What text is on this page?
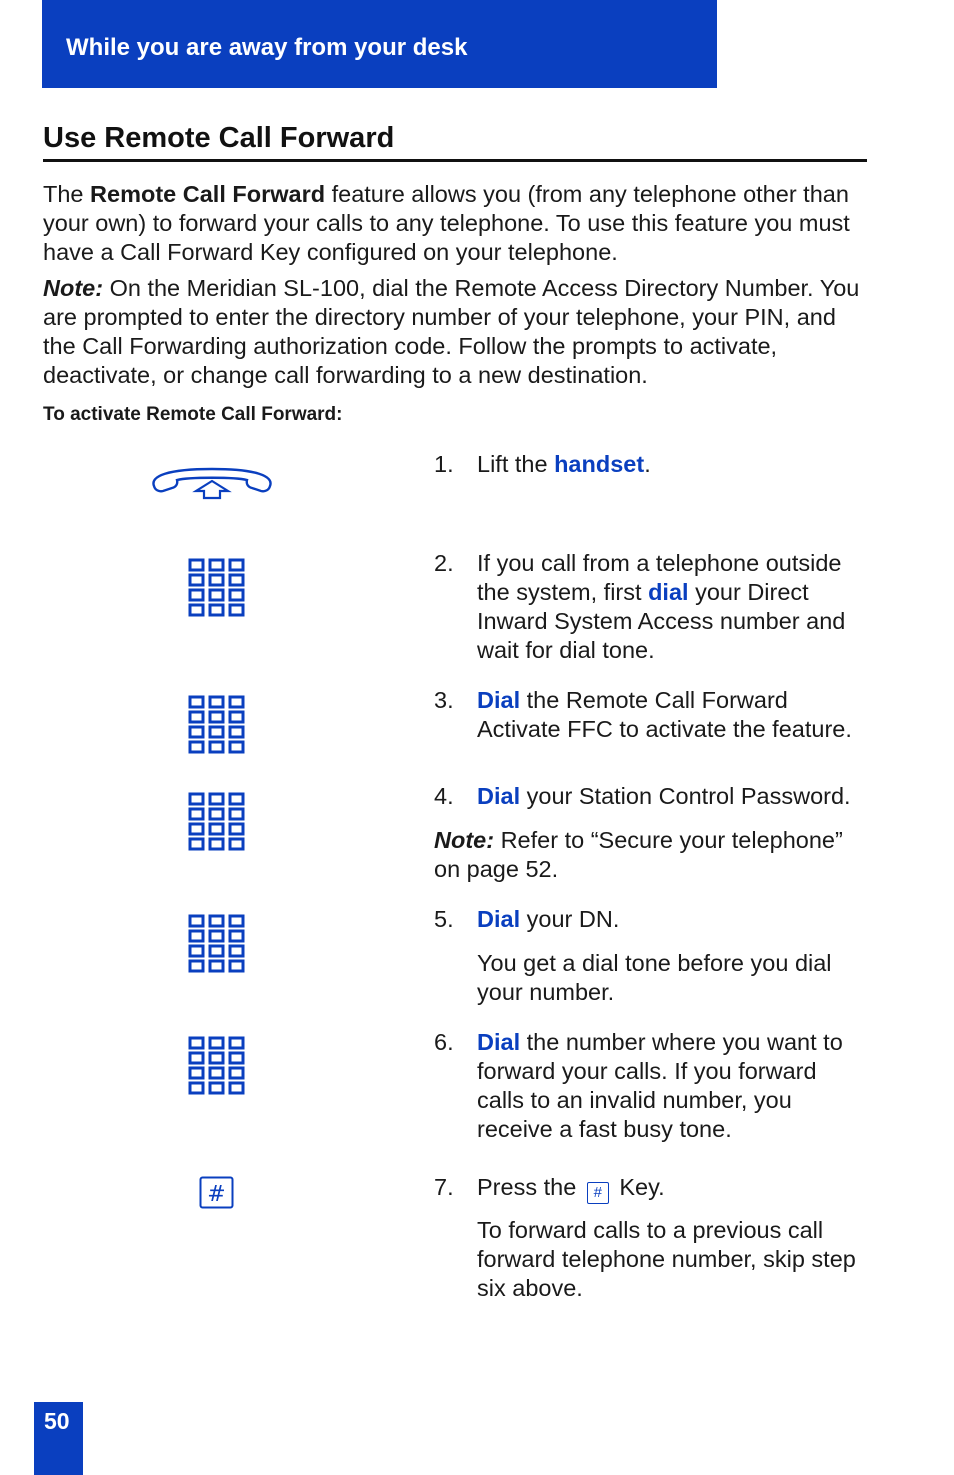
While you are away from your desk
Use Remote Call Forward
The Remote Call Forward feature allows you (from any telephone other than your own) to forward your calls to any telephone. To use this feature you must have a Call Forward Key configured on your telephone.
Note: On the Meridian SL-100, dial the Remote Access Directory Number. You are prompted to enter the directory number of your telephone, your PIN, and the Call Forwarding authorization code. Follow the prompts to activate, deactivate, or change call forwarding to a new destination.
To activate Remote Call Forward:
#
1. Lift the handset.
2. If you call from a telephone outside the system, first dial your Direct Inward System Access number and wait for dial tone.
3. Dial the Remote Call Forward Activate FFC to activate the feature.
4. Dial your Station Control Password.
Note: Refer to “Secure your telephone” on page 52.
5. Dial your DN.
You get a dial tone before you dial your number.
6. Dial the number where you want to forward your calls. If you forward calls to an invalid number, you receive a fast busy tone.
7. Press the # Key.
To forward calls to a previous call forward telephone number, skip step six above.
50
